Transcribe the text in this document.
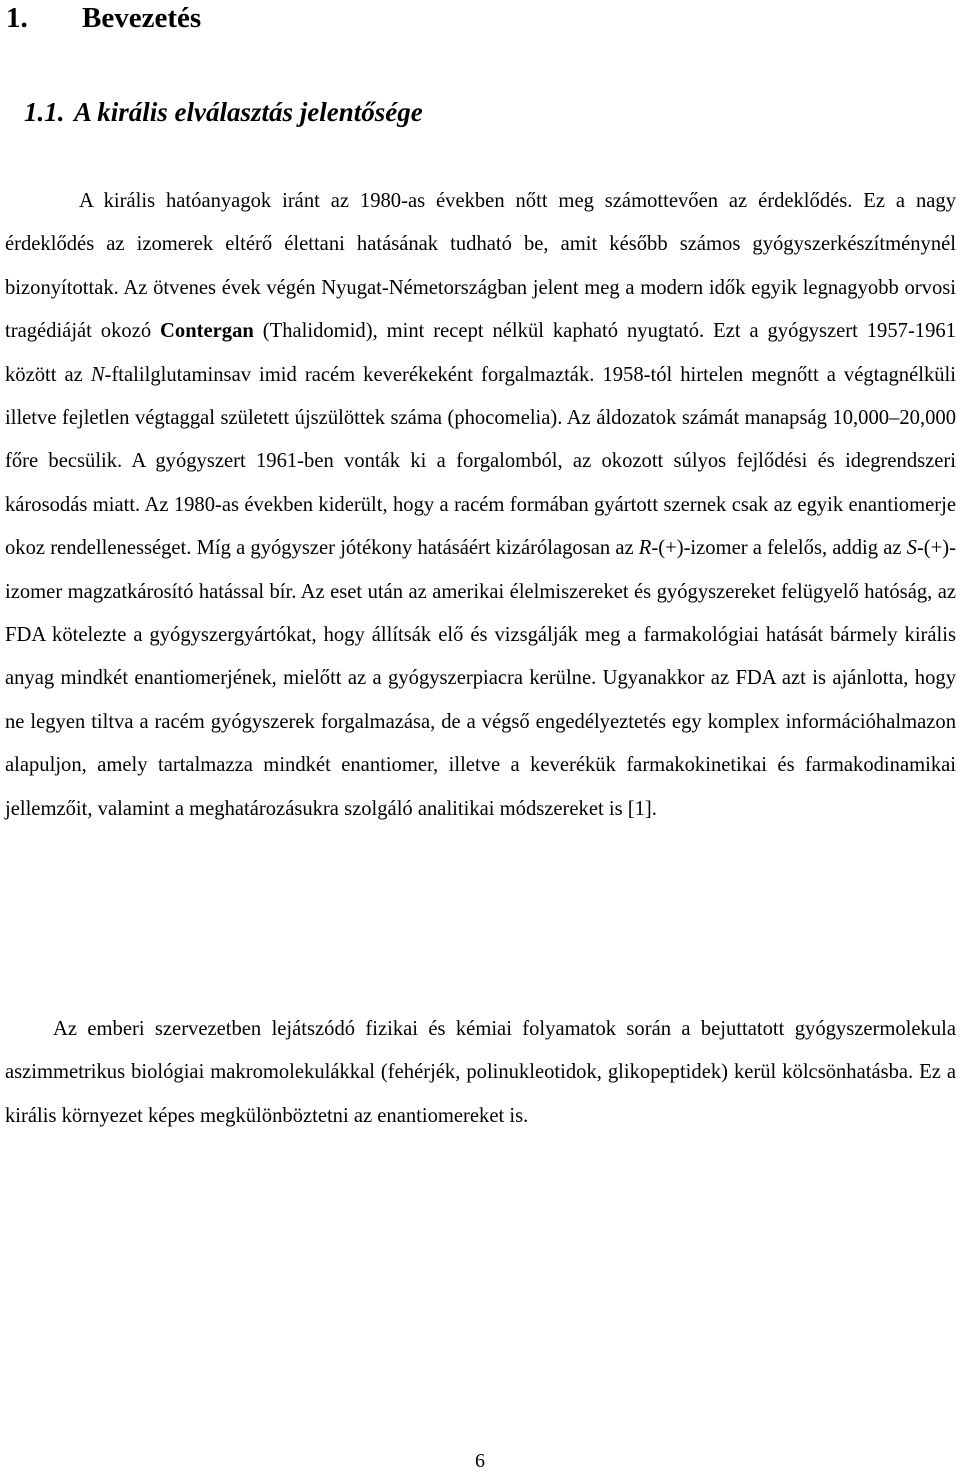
1. Bevezetés
1.1. A királis elválasztás jelentősége

A királis hatóanyagok iránt az 1980-as években nőtt meg számottevően az érdeklődés. Ez a nagy érdeklődés az izomerek eltérő élettani hatásának tudható be, amit később számos gyógyszerkészítménynél bizonyítottak. Az ötvenes évek végén Nyugat-Németországban jelent meg a modern idők egyik legnagyobb orvosi tragédiáját okozó Contergan (Thalidomid), mint recept nélkül kapható nyugtató. Ezt a gyógyszert 1957-1961 között az N-ftalilglutaminsav imid racém keverékeként forgalmazták. 1958-tól hirtelen megnőtt a végtagnélküli illetve fejletlen végtaggal született újszülöttek száma (phocomelia). Az áldozatok számát manapság 10,000–20,000 főre becsülik. A gyógyszert 1961-ben vonták ki a forgalomból, az okozott súlyos fejlődési és idegrendszeri károsodás miatt. Az 1980-as években kiderült, hogy a racém formában gyártott szernek csak az egyik enantiomerje okoz rendellenességet. Míg a gyógyszer jótékony hatásáért kizárólagosan az R-(+)-izomer a felelős, addig az S-(+)-izomer magzatkárosító hatással bír. Az eset után az amerikai élelmiszereket és gyógyszereket felügyelő hatóság, az FDA kötelezte a gyógyszergyártókat, hogy állítsák elő és vizsgálják meg a farmakológiai hatását bármely királis anyag mindkét enantiomerjének, mielőtt az a gyógyszerpiacra kerülne. Ugyanakkor az FDA azt is ajánlotta, hogy ne legyen tiltva a racém gyógyszerek forgalmazása, de a végső engedélyeztetés egy komplex információhalmazon alapuljon, amely tartalmazza mindkét enantiomer, illetve a keverékük farmakokinetikai és farmakodinamikai jellemzőit, valamint a meghatározásukra szolgáló analitikai módszereket is [1].

Az emberi szervezetben lejátszódó fizikai és kémiai folyamatok során a bejuttatott gyógyszermolekula aszimmetrikus biológiai makromolekulákkal (fehérjék, polinukleotidok, glikopeptidek) kerül kölcsönhatásba. Ez a királis környezet képes megkülönböztetni az enantiomereket is.

6
